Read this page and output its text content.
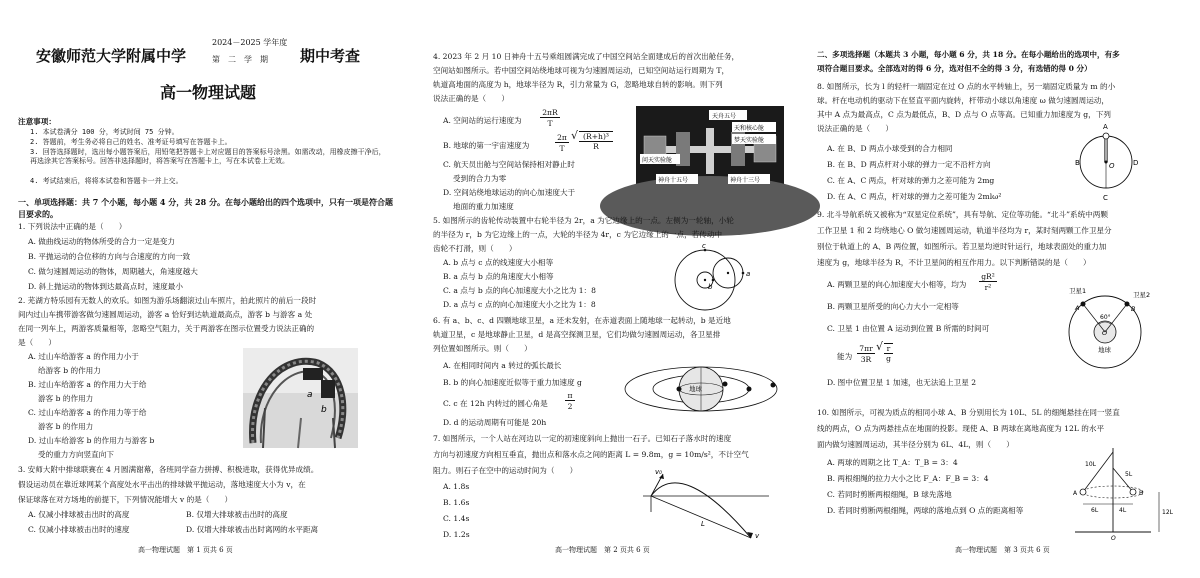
安徽师范大学附属中学
2024－2025 学年度
第　二　学　期 期中考查
高一物理试题
注意事项：
1. 本试卷满分 100 分，考试时间 75 分钟。
2. 答题前，考生务必将自己的姓名、准考证号填写在答题卡上。
3. 回答选择题时，选出每小题答案后，用铅笔把答题卡上对应题目的答案标号涂黑。如需改动，用橡皮擦干净后，再选涂其它答案标号。回答非选择题时，将答案写在答题卡上，写在本试卷上无效。
4. 考试结束后，将将本试卷和答题卡一并上交。
一、单项选择题：共 7 个小题，每小题 4 分，共 28 分。在每小题给出的四个选项中，只有一项是符合题目要求的。
1. 下列说法中正确的是（　　）
A. 做曲线运动的物体所受的合力一定是变力
B. 平抛运动的合位移的方向与合速度的方向一致
C. 做匀速圆周运动的物体，周期越大，角速度越大
D. 斜上抛运动的物体到达最高点时，速度最小
2. 芜湖方特乐园有无数人的欢乐。如图为游乐场翻滚过山车照片，拍此照片的前后一段时
间内过山车携带游客做匀速圆周运动，游客 a 恰好到达轨道最高点，游客 b 与游客 a 处
在同一列车上，两游客质量相等，忽略空气阻力，关于两游客在图示位置受力说法正确的
是（　　）
A. 过山车给游客 a 的作用力小于
　 给游客 b 的作用力
B. 过山车给游客 a 的作用力大于给
　 游客 b 的作用力
C. 过山车给游客 a 的作用力等于给
　 游客 b 的作用力
D. 过山车给游客 b 的作用力与游客 b
　 受的重力方向竖直向下
a
b
3. 安师大附中排球联赛在 4 月圆满谢幕，各班同学奋力拼搏、积极进取，获得优异成绩。
假设运动员在靠近球网某个高度处水平击出的排球做平抛运动，落地速度大小为 v，在
保证球落在对方场地的前提下，下列情况能增大 v 的是（　　）
A. 仅减小排球被击出时的高度	B. 仅增大排球被击出时的高度
C. 仅减小排球被击出时的速度	D. 仅增大排球被击出时离网的水平距离
高一物理试题　第 1 页共 6 页
4. 2023 年 2 月 10 日神舟十五号乘组圆满完成了中国空间站全面建成后的首次出舱任务，
空间站如图所示。若中国空间站绕地球可视为匀速圆周运动，已知空间站运行周期为 T，
轨道高地面的高度为 h，地球半径为 R，引力常量为 G，忽略地球自转的影响。则下列
说法正确的是（　　）
A. 空间站的运行速度为
2πR
T
B. 地球的第一宇宙速度为
2π
T
√ (R+h)³
R
C. 航天员出舱与空间站保持相对静止时
　 受到的合力为零
D. 空间站绕地球运动的向心加速度大于
　 地面的重力加速度
天舟五号
天和核心舱
梦天实验舱
问天实验舱
神舟十五号	神舟十三号
5. 如图所示的齿轮传动装置中右轮半径为 2r，a 为它边缘上的一点。左侧为一轮轴，小轮
的半径为 r，b 为它边缘上的一点，大轮的半径为 4r，c 为它边缘上的一点，若传动中
齿轮不打滑，则（　　）
A. b 点与 c 点的线速度大小相等
B. a 点与 b 点的角速度大小相等
C. a 点与 b 点的向心加速度大小之比为 1：8
D. a 点与 c 点的向心加速度大小之比为 1：8
c
b
a
6. 有 a、b、c、d 四颗地球卫星，a 还未发射，在赤道表面上随地球一起转动，b 是近地
轨道卫星，c 是地球静止卫星，d 是高空探测卫星，它们均做匀速圆周运动，各卫星排
列位置如图所示。则（　　）
A. 在相同时间内 a 转过的弧长最长
B. b 的向心加速度近似等于重力加速度 g
C. c 在 12h 内转过的圆心角是
π
2
D. d 的运动周期有可能是 20h
地球
7. 如图所示，一个人站在河边以一定的初速度斜向上抛出一石子。已知石子落水时的速度
方向与初速度方向相互垂直，抛出点和落水点之间的距离 L = 9.8m，g = 10m/s²，不计空气
阻力。则石子在空中的运动时间为（　　）
A. 1.8s
B. 1.6s
C. 1.4s
D. 1.2s
v₀
L
v
高一物理试题　第 2 页共 6 页
二、多项选择题（本题共 3 小题，每小题 6 分，共 18 分。在每小题给出的选项中，有多
项符合题目要求。全部选对的得 6 分，选对但不全的得 3 分，有选错的得 0 分）
8. 如图所示，长为 l 的轻杆一端固定在过 O 点的水平转轴上，另一端固定质量为 m 的小
球。杆在电动机的驱动下在竖直平面内旋转，杆带动小球以角速度 ω 做匀速圆周运动，
其中 A 点为最高点，C 点为最低点，B、D 点与 O 点等高。已知重力加速度为 g，下列
说法正确的是（　　）
A. 在 B、D 两点小球受到的合力相同
B. 在 B、D 两点杆对小球的弹力一定不沿杆方向
C. 在 A、C 两点，杆对球的弹力之差可能为 2mg
D. 在 A、C 两点，杆对球的弹力之差可能为 2mlω²
A
B	O	D
C
9. 北斗导航系统又被称为“双星定位系统”，具有导航、定位等功能。“北斗”系统中两颗
工作卫星 1 和 2 均绕地心 O 做匀速圆周运动，轨道半径均为 r，某时刻两颗工作卫星分
别位于轨道上的 A、B 两位置，如图所示。若卫星均逆时针运行，地球表面处的重力加
速度为 g，地球半径为 R，不计卫星间的相互作用力。以下判断错误的是（　　）
A. 两颗卫星的向心加速度大小相等，均为
gR²
r²
B. 两颗卫星所受的向心力大小一定相等
C. 卫星 1 由位置 A 运动到位置 B 所需的时间可
　 能为
7πr
3R
√ r
g
D. 图中位置卫星 1 加速，也无法追上卫星 2
卫星1	卫星2
60°
O
地球
A	B
10. 如图所示，可视为质点的相同小球 A、B 分别用长为 10L、5L 的细绳悬挂在同一竖直
线的两点，O 点为两悬挂点在地面的投影。现使 A、B 两球在离地高度为 12L 的水平
面内做匀速圆周运动，其半径分别为 6L、4L，则（　　）
A. 两球的周期之比 T_A：T_B = 3：4
B. 两根细绳的拉力大小之比 F_A：F_B = 3：4
C. 若同时剪断两根细绳，B 球先落地
D. 若同时剪断两根细绳，两球的落地点到 O 点的距离相等
10L
5L
A	B
6L	4L	12L
O
高一物理试题　第 3 页共 6 页
